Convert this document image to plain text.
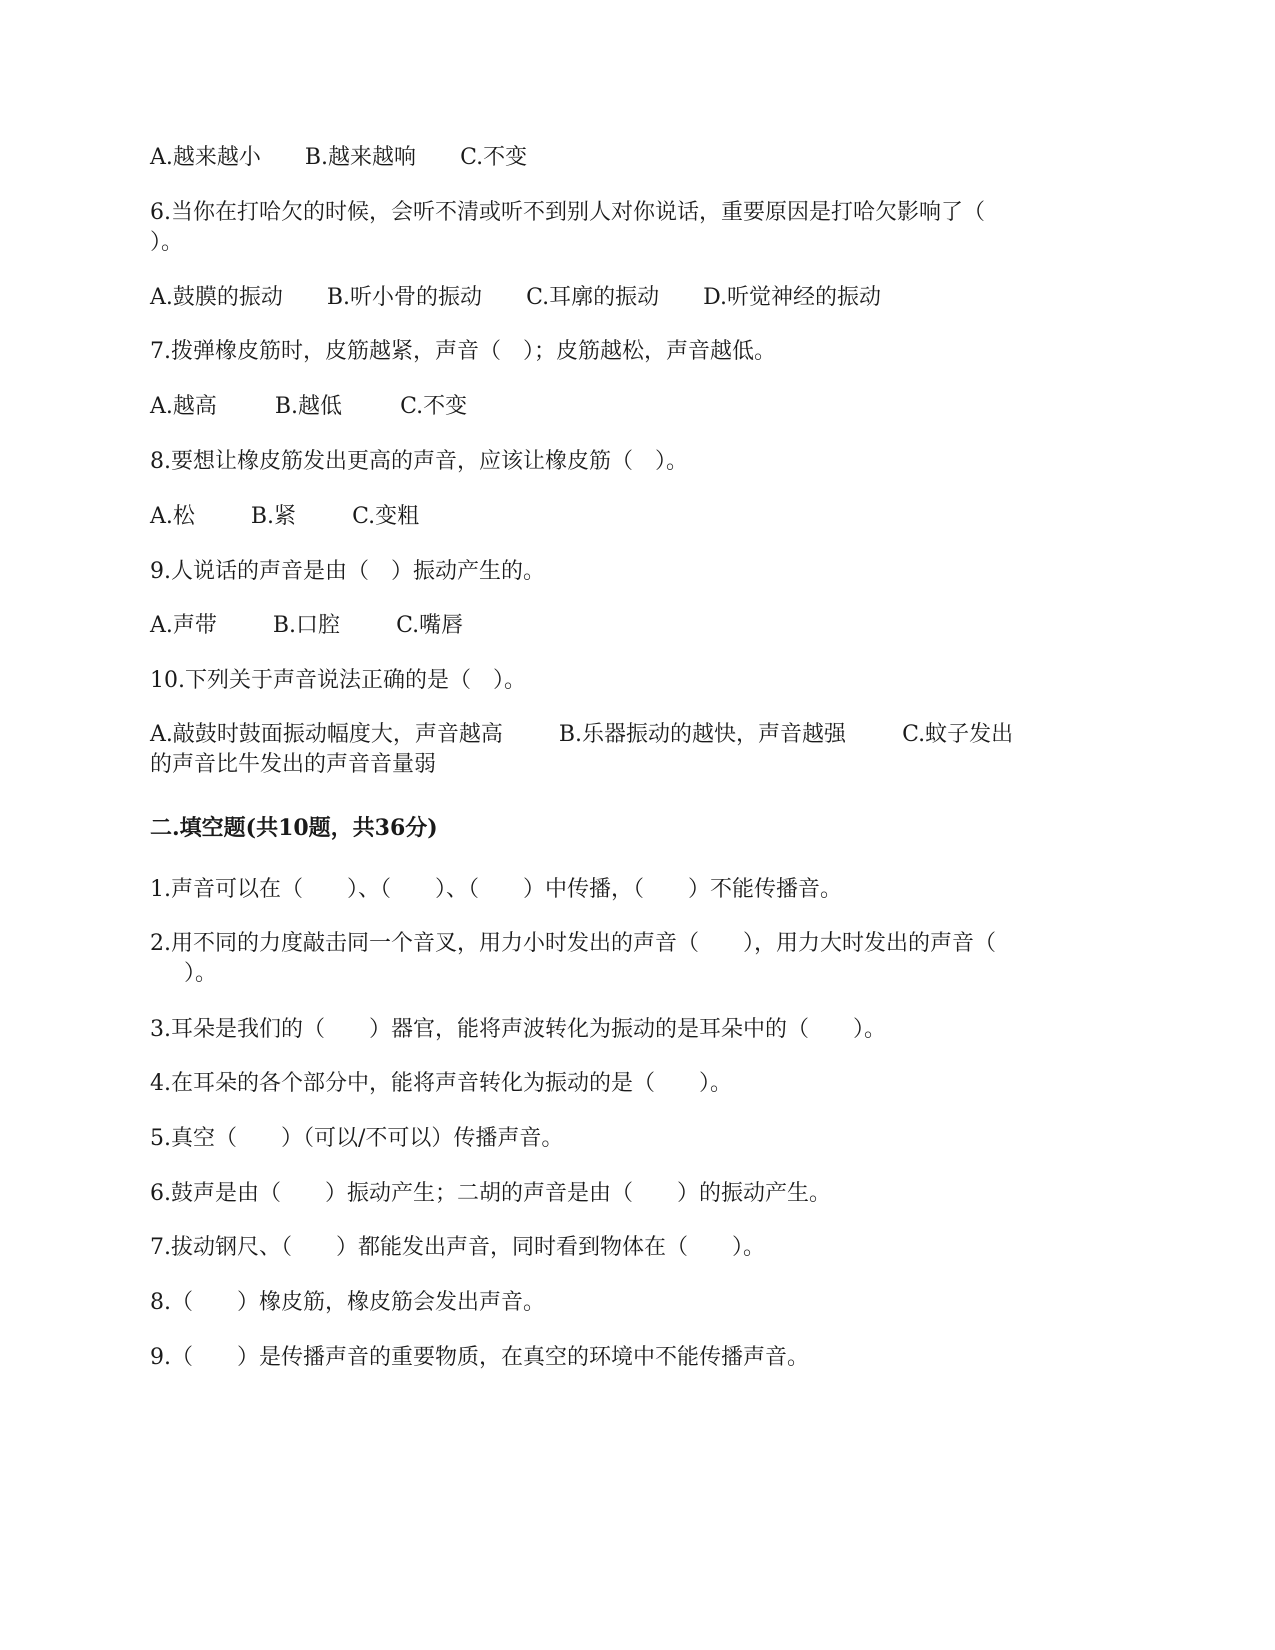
A.越来越小 B.越来越响 C.不变
6.当你在打哈欠的时候，会听不清或听不到别人对你说话，重要原因是打哈欠影响了（
）。
A.鼓膜的振动 B.听小骨的振动 C.耳廓的振动 D.听觉神经的振动
7.拨弹橡皮筋时，皮筋越紧，声音（　）；皮筋越松，声音越低。
A.越高	B.越低	C.不变
8.要想让橡皮筋发出更高的声音，应该让橡皮筋（　）。
A.松	B.紧	C.变粗
9.人说话的声音是由（　）振动产生的。
A.声带	B.口腔	C.嘴唇
10.下列关于声音说法正确的是（　）。
A.敲鼓时鼓面振动幅度大，声音越高	B.乐器振动的越快，声音越强	C.蚊子发出
的声音比牛发出的声音音量弱
二.填空题(共10题，共36分)
1.声音可以在（　　）、（　　）、（　　）中传播，（　　）不能传播音。
2.用不同的力度敲击同一个音叉，用力小时发出的声音（　　），用力大时发出的声音（
）。
3.耳朵是我们的（　　）器官，能将声波转化为振动的是耳朵中的（　　）。
4.在耳朵的各个部分中，能将声音转化为振动的是（　　）。
5.真空（　　）（可以/不可以）传播声音。
6.鼓声是由（　　）振动产生；二胡的声音是由（　　）的振动产生。
7.拔动钢尺、（　　）都能发出声音，同时看到物体在（　　）。
8.（　　）橡皮筋，橡皮筋会发出声音。
9.（　　）是传播声音的重要物质，在真空的环境中不能传播声音。
